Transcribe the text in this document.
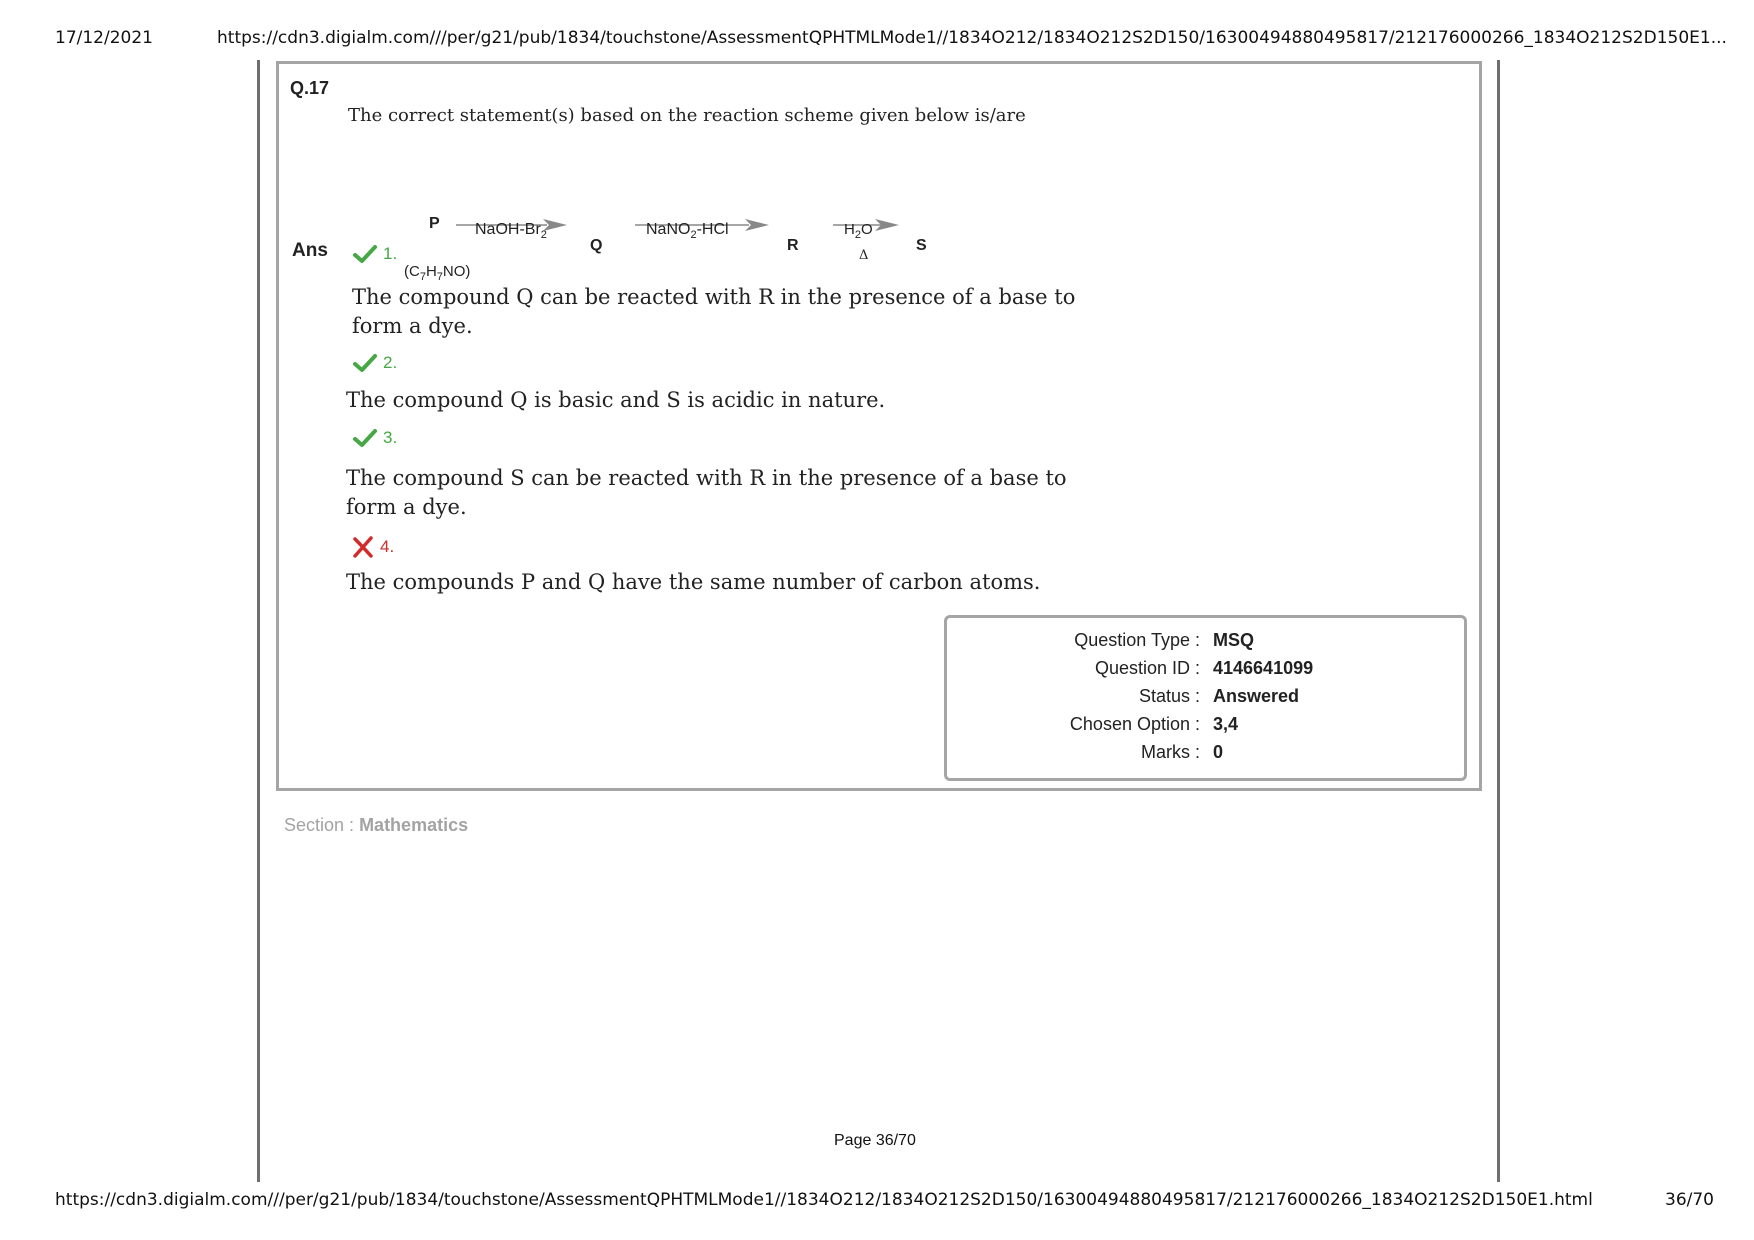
17/12/2021	https://cdn3.digialm.com///per/g21/pub/1834/touchstone/AssessmentQPHTMLMode1//1834O212/1834O212S2D150/16300494880495817/212176000266_1834O212S2D150E1...
Q.17
The correct statement(s) based on the reaction scheme given below is/are
P
$(C_7H_7NO)$
NaOH-$Br_2$
Q
NaNO$_2$-HCl
R
$H_2O$
Δ
S
Ans	1.
The compound Q can be reacted with R in the presence of a base to form a dye.
2.
The compound Q is basic and S is acidic in nature.
3.
The compound S can be reacted with R in the presence of a base to form a dye.
4.
The compounds P and Q have the same number of carbon atoms.
Question Type : MSQ
Question ID : 4146641099
Status : Answered
Chosen Option : 3,4
Marks : 0
Section : Mathematics
Page 36/70
https://cdn3.digialm.com///per/g21/pub/1834/touchstone/AssessmentQPHTMLMode1//1834O212/1834O212S2D150/16300494880495817/212176000266_1834O212S2D150E1.html	36/70
